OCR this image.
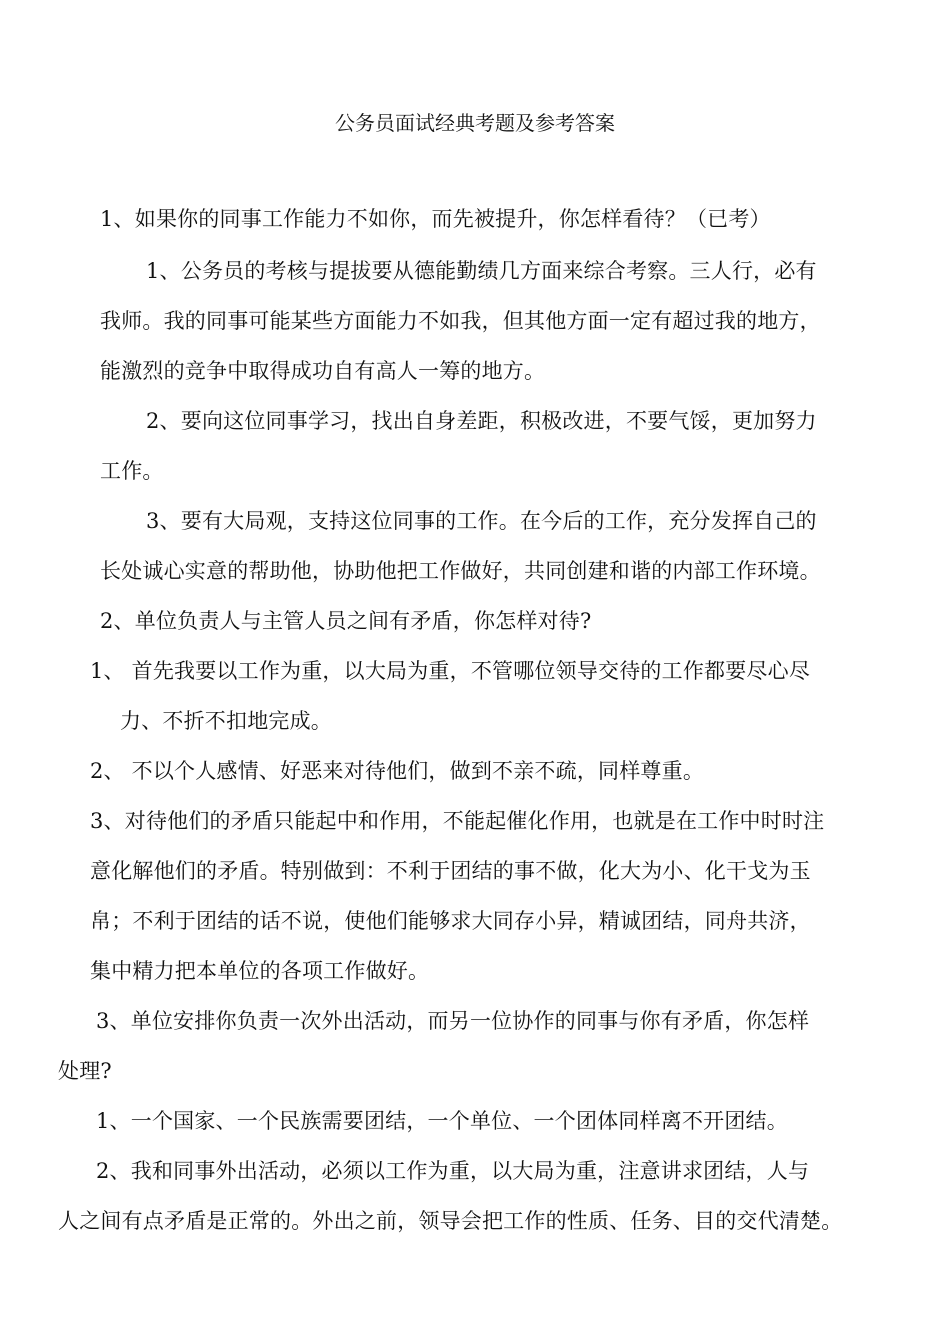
公务员面试经典考题及参考答案
1、如果你的同事工作能力不如你，而先被提升，你怎样看待？（已考）
1、公务员的考核与提拔要从德能勤绩几方面来综合考察。三人行，必有
我师。我的同事可能某些方面能力不如我，但其他方面一定有超过我的地方，
能激烈的竞争中取得成功自有高人一筹的地方。
2、要向这位同事学习，找出自身差距，积极改进，不要气馁，更加努力
工作。
3、要有大局观，支持这位同事的工作。在今后的工作，充分发挥自己的
长处诚心实意的帮助他，协助他把工作做好，共同创建和谐的内部工作环境。
2、单位负责人与主管人员之间有矛盾，你怎样对待?
1、 首先我要以工作为重，以大局为重，不管哪位领导交待的工作都要尽心尽
力、不折不扣地完成。
2、 不以个人感情、好恶来对待他们，做到不亲不疏，同样尊重。
3、对待他们的矛盾只能起中和作用，不能起催化作用，也就是在工作中时时注
意化解他们的矛盾。特别做到：不利于团结的事不做，化大为小、化干戈为玉
帛；不利于团结的话不说，使他们能够求大同存小异，精诚团结，同舟共济，
集中精力把本单位的各项工作做好。
3、单位安排你负责一次外出活动，而另一位协作的同事与你有矛盾，你怎样
处理?
1、一个国家、一个民族需要团结，一个单位、一个团体同样离不开团结。
2、我和同事外出活动，必须以工作为重，以大局为重，注意讲求团结，人与
人之间有点矛盾是正常的。外出之前，领导会把工作的性质、任务、目的交代清楚。
